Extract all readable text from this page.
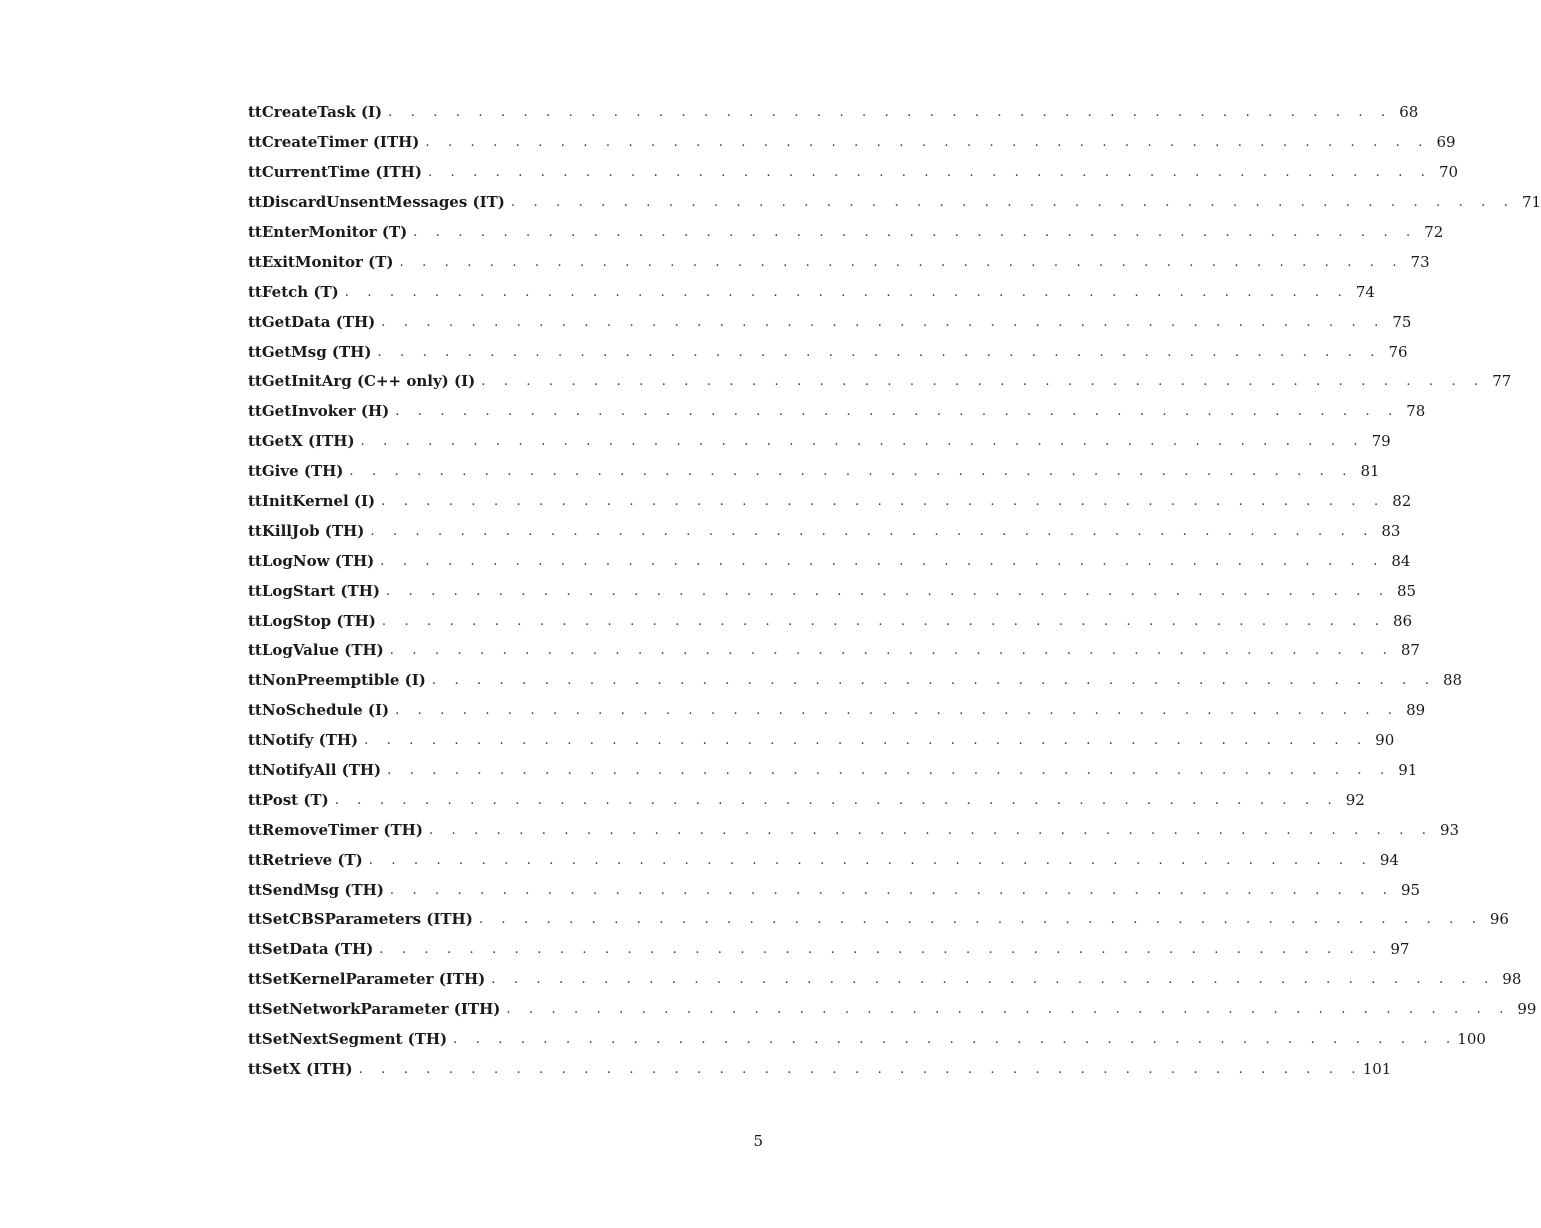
ttCreateTask (I) . . . . . . . . . . . . . . . . . . . . . . . . . . . . . . . . . . . . . . . . . . . . . 68
ttCreateTimer (ITH) . . . . . . . . . . . . . . . . . . . . . . . . . . . . . . . . . . . . . . . . . . . . . 69
ttCurrentTime (ITH) . . . . . . . . . . . . . . . . . . . . . . . . . . . . . . . . . . . . . . . . . . . . . 70
ttDiscardUnsentMessages (IT) . . . . . . . . . . . . . . . . . . . . . . . . . . . . . . . . . . . . . . . . . . . . . 71
ttEnterMonitor (T) . . . . . . . . . . . . . . . . . . . . . . . . . . . . . . . . . . . . . . . . . . . . . 72
ttExitMonitor (T) . . . . . . . . . . . . . . . . . . . . . . . . . . . . . . . . . . . . . . . . . . . . . 73
ttFetch (T) . . . . . . . . . . . . . . . . . . . . . . . . . . . . . . . . . . . . . . . . . . . . . 74
ttGetData (TH) . . . . . . . . . . . . . . . . . . . . . . . . . . . . . . . . . . . . . . . . . . . . . 75
ttGetMsg (TH) . . . . . . . . . . . . . . . . . . . . . . . . . . . . . . . . . . . . . . . . . . . . . 76
ttGetInitArg (C++ only) (I) . . . . . . . . . . . . . . . . . . . . . . . . . . . . . . . . . . . . . . . . . . . . . 77
ttGetInvoker (H) . . . . . . . . . . . . . . . . . . . . . . . . . . . . . . . . . . . . . . . . . . . . . 78
ttGetX (ITH) . . . . . . . . . . . . . . . . . . . . . . . . . . . . . . . . . . . . . . . . . . . . . 79
ttGive (TH) . . . . . . . . . . . . . . . . . . . . . . . . . . . . . . . . . . . . . . . . . . . . . 81
ttInitKernel (I) . . . . . . . . . . . . . . . . . . . . . . . . . . . . . . . . . . . . . . . . . . . . . 82
ttKillJob (TH) . . . . . . . . . . . . . . . . . . . . . . . . . . . . . . . . . . . . . . . . . . . . . 83
ttLogNow (TH) . . . . . . . . . . . . . . . . . . . . . . . . . . . . . . . . . . . . . . . . . . . . . 84
ttLogStart (TH) . . . . . . . . . . . . . . . . . . . . . . . . . . . . . . . . . . . . . . . . . . . . . 85
ttLogStop (TH) . . . . . . . . . . . . . . . . . . . . . . . . . . . . . . . . . . . . . . . . . . . . . 86
ttLogValue (TH) . . . . . . . . . . . . . . . . . . . . . . . . . . . . . . . . . . . . . . . . . . . . . 87
ttNonPreemptible (I) . . . . . . . . . . . . . . . . . . . . . . . . . . . . . . . . . . . . . . . . . . . . . 88
ttNoSchedule (I) . . . . . . . . . . . . . . . . . . . . . . . . . . . . . . . . . . . . . . . . . . . . . 89
ttNotify (TH) . . . . . . . . . . . . . . . . . . . . . . . . . . . . . . . . . . . . . . . . . . . . . 90
ttNotifyAll (TH) . . . . . . . . . . . . . . . . . . . . . . . . . . . . . . . . . . . . . . . . . . . . . 91
ttPost (T) . . . . . . . . . . . . . . . . . . . . . . . . . . . . . . . . . . . . . . . . . . . . . 92
ttRemoveTimer (TH) . . . . . . . . . . . . . . . . . . . . . . . . . . . . . . . . . . . . . . . . . . . . . 93
ttRetrieve (T) . . . . . . . . . . . . . . . . . . . . . . . . . . . . . . . . . . . . . . . . . . . . . 94
ttSendMsg (TH) . . . . . . . . . . . . . . . . . . . . . . . . . . . . . . . . . . . . . . . . . . . . . 95
ttSetCBSParameters (ITH) . . . . . . . . . . . . . . . . . . . . . . . . . . . . . . . . . . . . . . . . . . . . . 96
ttSetData (TH) . . . . . . . . . . . . . . . . . . . . . . . . . . . . . . . . . . . . . . . . . . . . . 97
ttSetKernelParameter (ITH) . . . . . . . . . . . . . . . . . . . . . . . . . . . . . . . . . . . . . . . . . . . . . 98
ttSetNetworkParameter (ITH) . . . . . . . . . . . . . . . . . . . . . . . . . . . . . . . . . . . . . . . . . . . . . 99
ttSetNextSegment (TH) . . . . . . . . . . . . . . . . . . . . . . . . . . . . . . . . . . . . . . . . . . . . . 100
ttSetX (ITH) . . . . . . . . . . . . . . . . . . . . . . . . . . . . . . . . . . . . . . . . . . . . . 101
5
